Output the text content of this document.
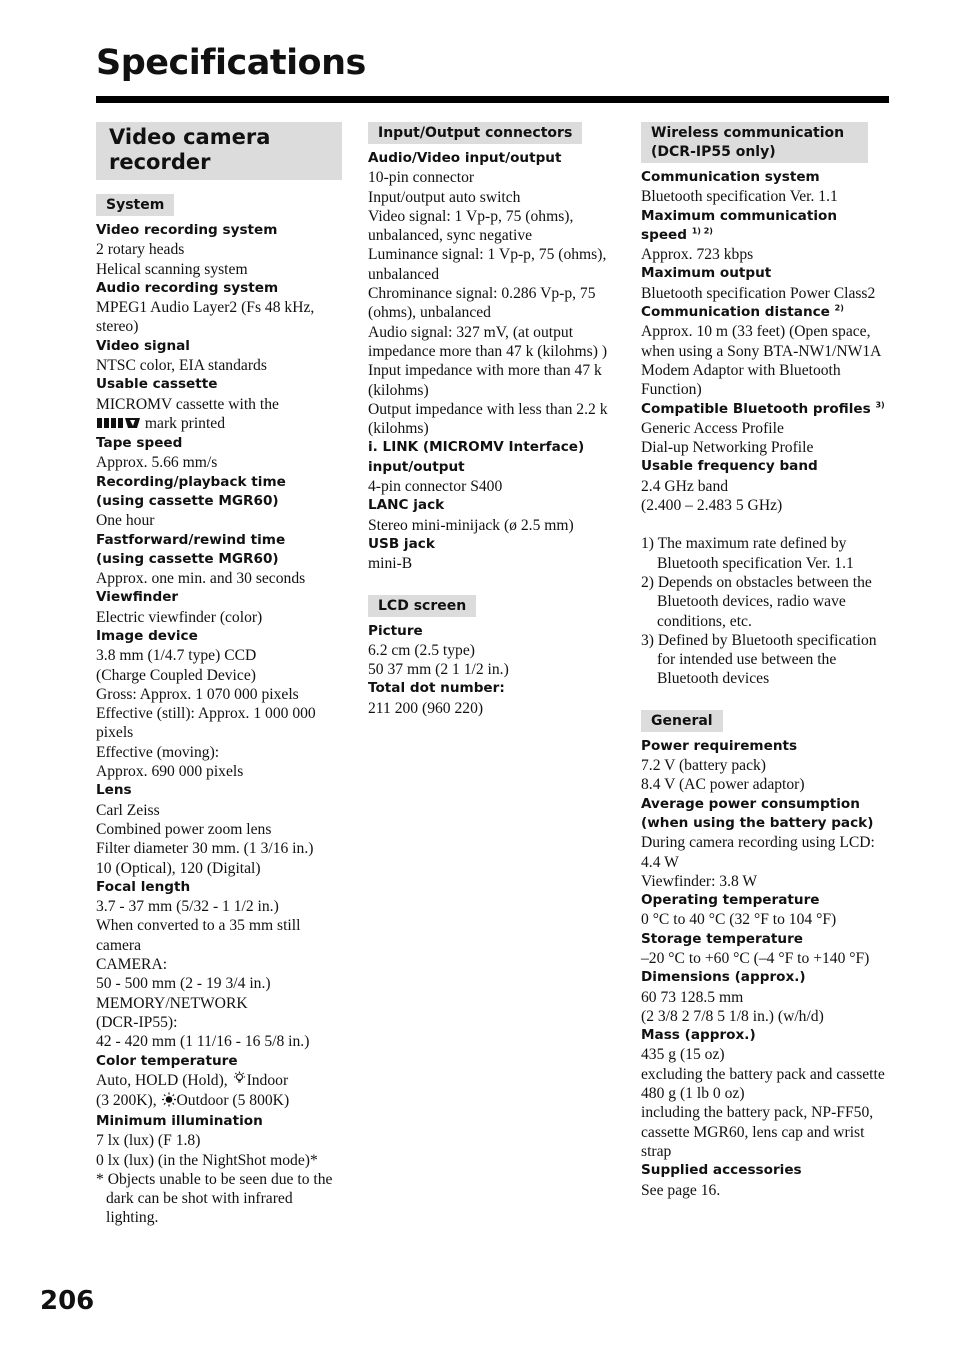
Specifications
Video camera
recorder
System
Video recording system
2 rotary heads
Helical scanning system
Audio recording system
MPEG1 Audio Layer2 (Fs 48 kHz, stereo)
Video signal
NTSC color, EIA standards
Usable cassette
MICROMV cassette with the
mark printed
Tape speed
Approx. 5.66 mm/s
Recording/playback time
(using cassette MGR60)
One hour
Fastforward/rewind time
(using cassette MGR60)
Approx. one min. and 30 seconds
Viewfinder
Electric viewfinder (color)
Image device
3.8 mm (1/4.7 type) CCD
(Charge Coupled Device)
Gross: Approx. 1 070 000 pixels
Effective (still): Approx. 1 000 000 pixels
Effective (moving):
Approx. 690 000 pixels
Lens
Carl Zeiss
Combined power zoom lens
Filter diameter 30 mm. (1 3/16 in.)
10 (Optical), 120 (Digital)
Focal length
3.7 - 37 mm (5/32 - 1 1/2 in.)
When converted to a 35 mm still camera
CAMERA:
50 - 500 mm (2 - 19 3/4 in.)
MEMORY/NETWORK
(DCR-IP55):
42 - 420 mm (1 11/16 - 16 5/8 in.)
Color temperature
Auto, HOLD (Hold), Indoor
(3 200K), Outdoor (5 800K)
Minimum illumination
7 lx (lux) (F 1.8)
0 lx (lux) (in the NightShot mode)*
* Objects unable to be seen due to the dark can be shot with infrared lighting.
Input/Output connectors
Audio/Video input/output
10-pin connector
Input/output auto switch
Video signal: 1 Vp-p, 75 (ohms), unbalanced, sync negative
Luminance signal: 1 Vp-p, 75 (ohms), unbalanced
Chrominance signal: 0.286 Vp-p, 75 (ohms), unbalanced
Audio signal: 327 mV, (at output impedance more than 47 k (kilohms) )
Input impedance with more than 47 k (kilohms)
Output impedance with less than 2.2 k (kilohms)
i. LINK (MICROMV Interface)
input/output
4-pin connector S400
LANC jack
Stereo mini-minijack (ø 2.5 mm)
USB jack
mini-B
LCD screen
Picture
6.2 cm (2.5 type)
50 37 mm (2 1 1/2 in.)
Total dot number:
211 200 (960 220)
Wireless communication
(DCR-IP55 only)
Communication system
Bluetooth specification Ver. 1.1
Maximum communication
speed $^{1) 2)}$
Approx. 723 kbps
Maximum output
Bluetooth specification Power Class2
Communication distance $^{2)}$
Approx. 10 m (33 feet) (Open space, when using a Sony BTA-NW1/NW1A Modem Adaptor with Bluetooth Function)
Compatible Bluetooth profiles $^{3)}$
Generic Access Profile
Dial-up Networking Profile
Usable frequency band
2.4 GHz band
(2.400 – 2.483 5 GHz)
1) The maximum rate defined by Bluetooth specification Ver. 1.1
2) Depends on obstacles between the Bluetooth devices, radio wave conditions, etc.
3) Defined by Bluetooth specification for intended use between the Bluetooth devices
General
Power requirements
7.2 V (battery pack)
8.4 V (AC power adaptor)
Average power consumption
(when using the battery pack)
During camera recording using LCD: 4.4 W
Viewfinder: 3.8 W
Operating temperature
0 °C to 40 °C (32 °F to 104 °F)
Storage temperature
–20 °C to +60 °C (–4 °F to +140 °F)
Dimensions (approx.)
60 73 128.5 mm
(2 3/8 2 7/8 5 1/8 in.) (w/h/d)
Mass (approx.)
435 g (15 oz)
excluding the battery pack and cassette
480 g (1 lb 0 oz)
including the battery pack, NP-FF50, cassette MGR60, lens cap and wrist strap
Supplied accessories
See page 16.
206
